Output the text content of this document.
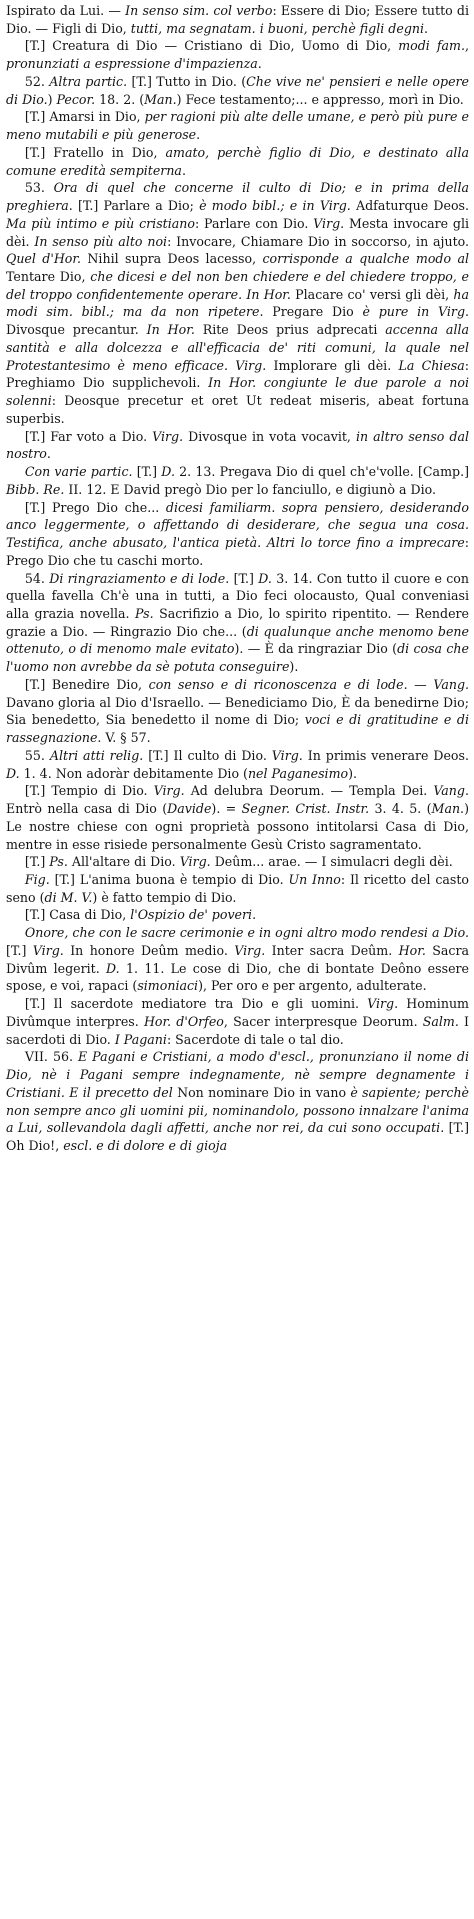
Ispirato da Lui. — In senso sim. col verbo: Essere di Dio; Essere tutto di Dio. — Figli di Dio, tutti, ma segnatam. i buoni, perchè figli degni.

[T.] Creatura di Dio — Cristiano di Dio, Uomo di Dio, modi fam., pronunziati a espressione d'impazienza.

52. Altra partic. [T.] Tutto in Dio. (Che vive ne' pensieri e nelle opere di Dio.) Pecor. 18. 2. (Man.) Fece testamento;... e appresso, morì in Dio.

[T.] Amarsi in Dio, per ragioni più alte delle umane, e però più pure e meno mutabili e più generose.

[T.] Fratello in Dio, amato, perchè figlio di Dio, e destinato alla comune eredità sempiterna.

53. Ora di quel che concerne il culto di Dio; e in prima della preghiera. [T.] Parlare a Dio; è modo bibl.; e in Virg. Adfaturque Deos. Ma più intimo e più cristiano: Parlare con Dio. Virg. Mesta invocare gli dèi. In senso più alto noi: Invocare, Chiamare Dio in soccorso, in ajuto. Quel d'Hor. Nihil supra Deos lacesso, corrisponde a qualche modo al Tentare Dio, che dicesi e del non ben chiedere e del chiedere troppo, e del troppo confidentemente operare. In Hor. Placare co' versi gli dèi, ha modi sim. bibl.; ma da non ripetere. Pregare Dio è pure in Virg. Divosque precantur. In Hor. Rite Deos prius adprecati accenna alla santità e alla dolcezza e all'efficacia de' riti comuni, la quale nel Protestantesimo è meno efficace. Virg. Implorare gli dèi. La Chiesa: Preghiamo Dio supplichevoli. In Hor. congiunte le due parole a noi solenni: Deosque precetur et oret Ut redeat miseris, abeat fortuna superbis.

[T.] Far voto a Dio. Virg. Divosque in vota vocavit, in altro senso dal nostro.

Con varie partic. [T.] D. 2. 13. Pregava Dio di quel ch'e'volle. [Camp.] Bibb. Re. II. 12. E David pregò Dio per lo fanciullo, e digiunò a Dio.

[T.] Prego Dio che... dicesi familiarm. sopra pensiero, desiderando anco leggermente, o affettando di desiderare, che segua una cosa. Testifica, anche abusato, l'antica pietà. Altri lo torce fino a imprecare: Prego Dio che tu caschi morto.

54. Di ringraziamento e di lode. [T.] D. 3. 14. Con tutto il cuore e con quella favella Ch'è una in tutti, a Dio feci olocausto, Qual conveniasi alla grazia novella. Ps. Sacrifizio a Dio, lo spirito ripentito. — Rendere grazie a Dio. — Ringrazio Dio che... (di qualunque anche menomo bene ottenuto, o di menomo male evitato). — È da ringraziar Dio (di cosa che l'uomo non avrebbe da sè potuta conseguire).

[T.] Benedire Dio, con senso e di riconoscenza e di lode. — Vang. Davano gloria al Dio d'Israello. — Benediciamo Dio, È da benedirne Dio; Sia benedetto, Sia benedetto il nome di Dio; voci e di gratitudine e di rassegnazione. V. § 57.

55. Altri atti relig. [T.] Il culto di Dio. Virg. In primis venerare Deos. D. 1. 4. Non adoràr debitamente Dio (nel Paganesimo).

[T.] Tempio di Dio. Virg. Ad delubra Deorum. — Templa Dei. Vang. Entrò nella casa di Dio (Davide). = Segner. Crist. Instr. 3. 4. 5. (Man.) Le nostre chiese con ogni proprietà possono intitolarsi Casa di Dio, mentre in esse risiede personalmente Gesù Cristo sagramentato.

[T.] Ps. All'altare di Dio. Virg. Deûm... arae. — I simulacri degli dèi.

Fig. [T.] L'anima buona è tempio di Dio. Un Inno: Il ricetto del casto seno (di M. V.) è fatto tempio di Dio.

[T.] Casa di Dio, l'Ospizio de' poveri.

Onore, che con le sacre cerimonie e in ogni altro modo rendesi a Dio. [T.] Virg. In honore Deûm medio. Virg. Inter sacra Deûm. Hor. Sacra Divûm legerit. D. 1. 11. Le cose di Dio, che di bontate Deôno essere spose, e voi, rapaci (simoniaci), Per oro e per argento, adulterate.

[T.] Il sacerdote mediatore tra Dio e gli uomini. Virg. Hominum Divûmque interpres. Hor. d'Orfeo, Sacer interpresque Deorum. Salm. I sacerdoti di Dio. I Pagani: Sacerdote di tale o tal dio.

VII. 56. E Pagani e Cristiani, a modo d'escl., pronunziano il nome di Dio, nè i Pagani sempre indegnamente, nè sempre degnamente i Cristiani. E il precetto del Non nominare Dio in vano è sapiente; perchè non sempre anco gli uomini pii, nominandolo, possono innalzare l'anima a Lui, sollevandola dagli affetti, anche nor rei, da cui sono occupati. [T.] Oh Dio!, escl. e di dolore e di gioja
